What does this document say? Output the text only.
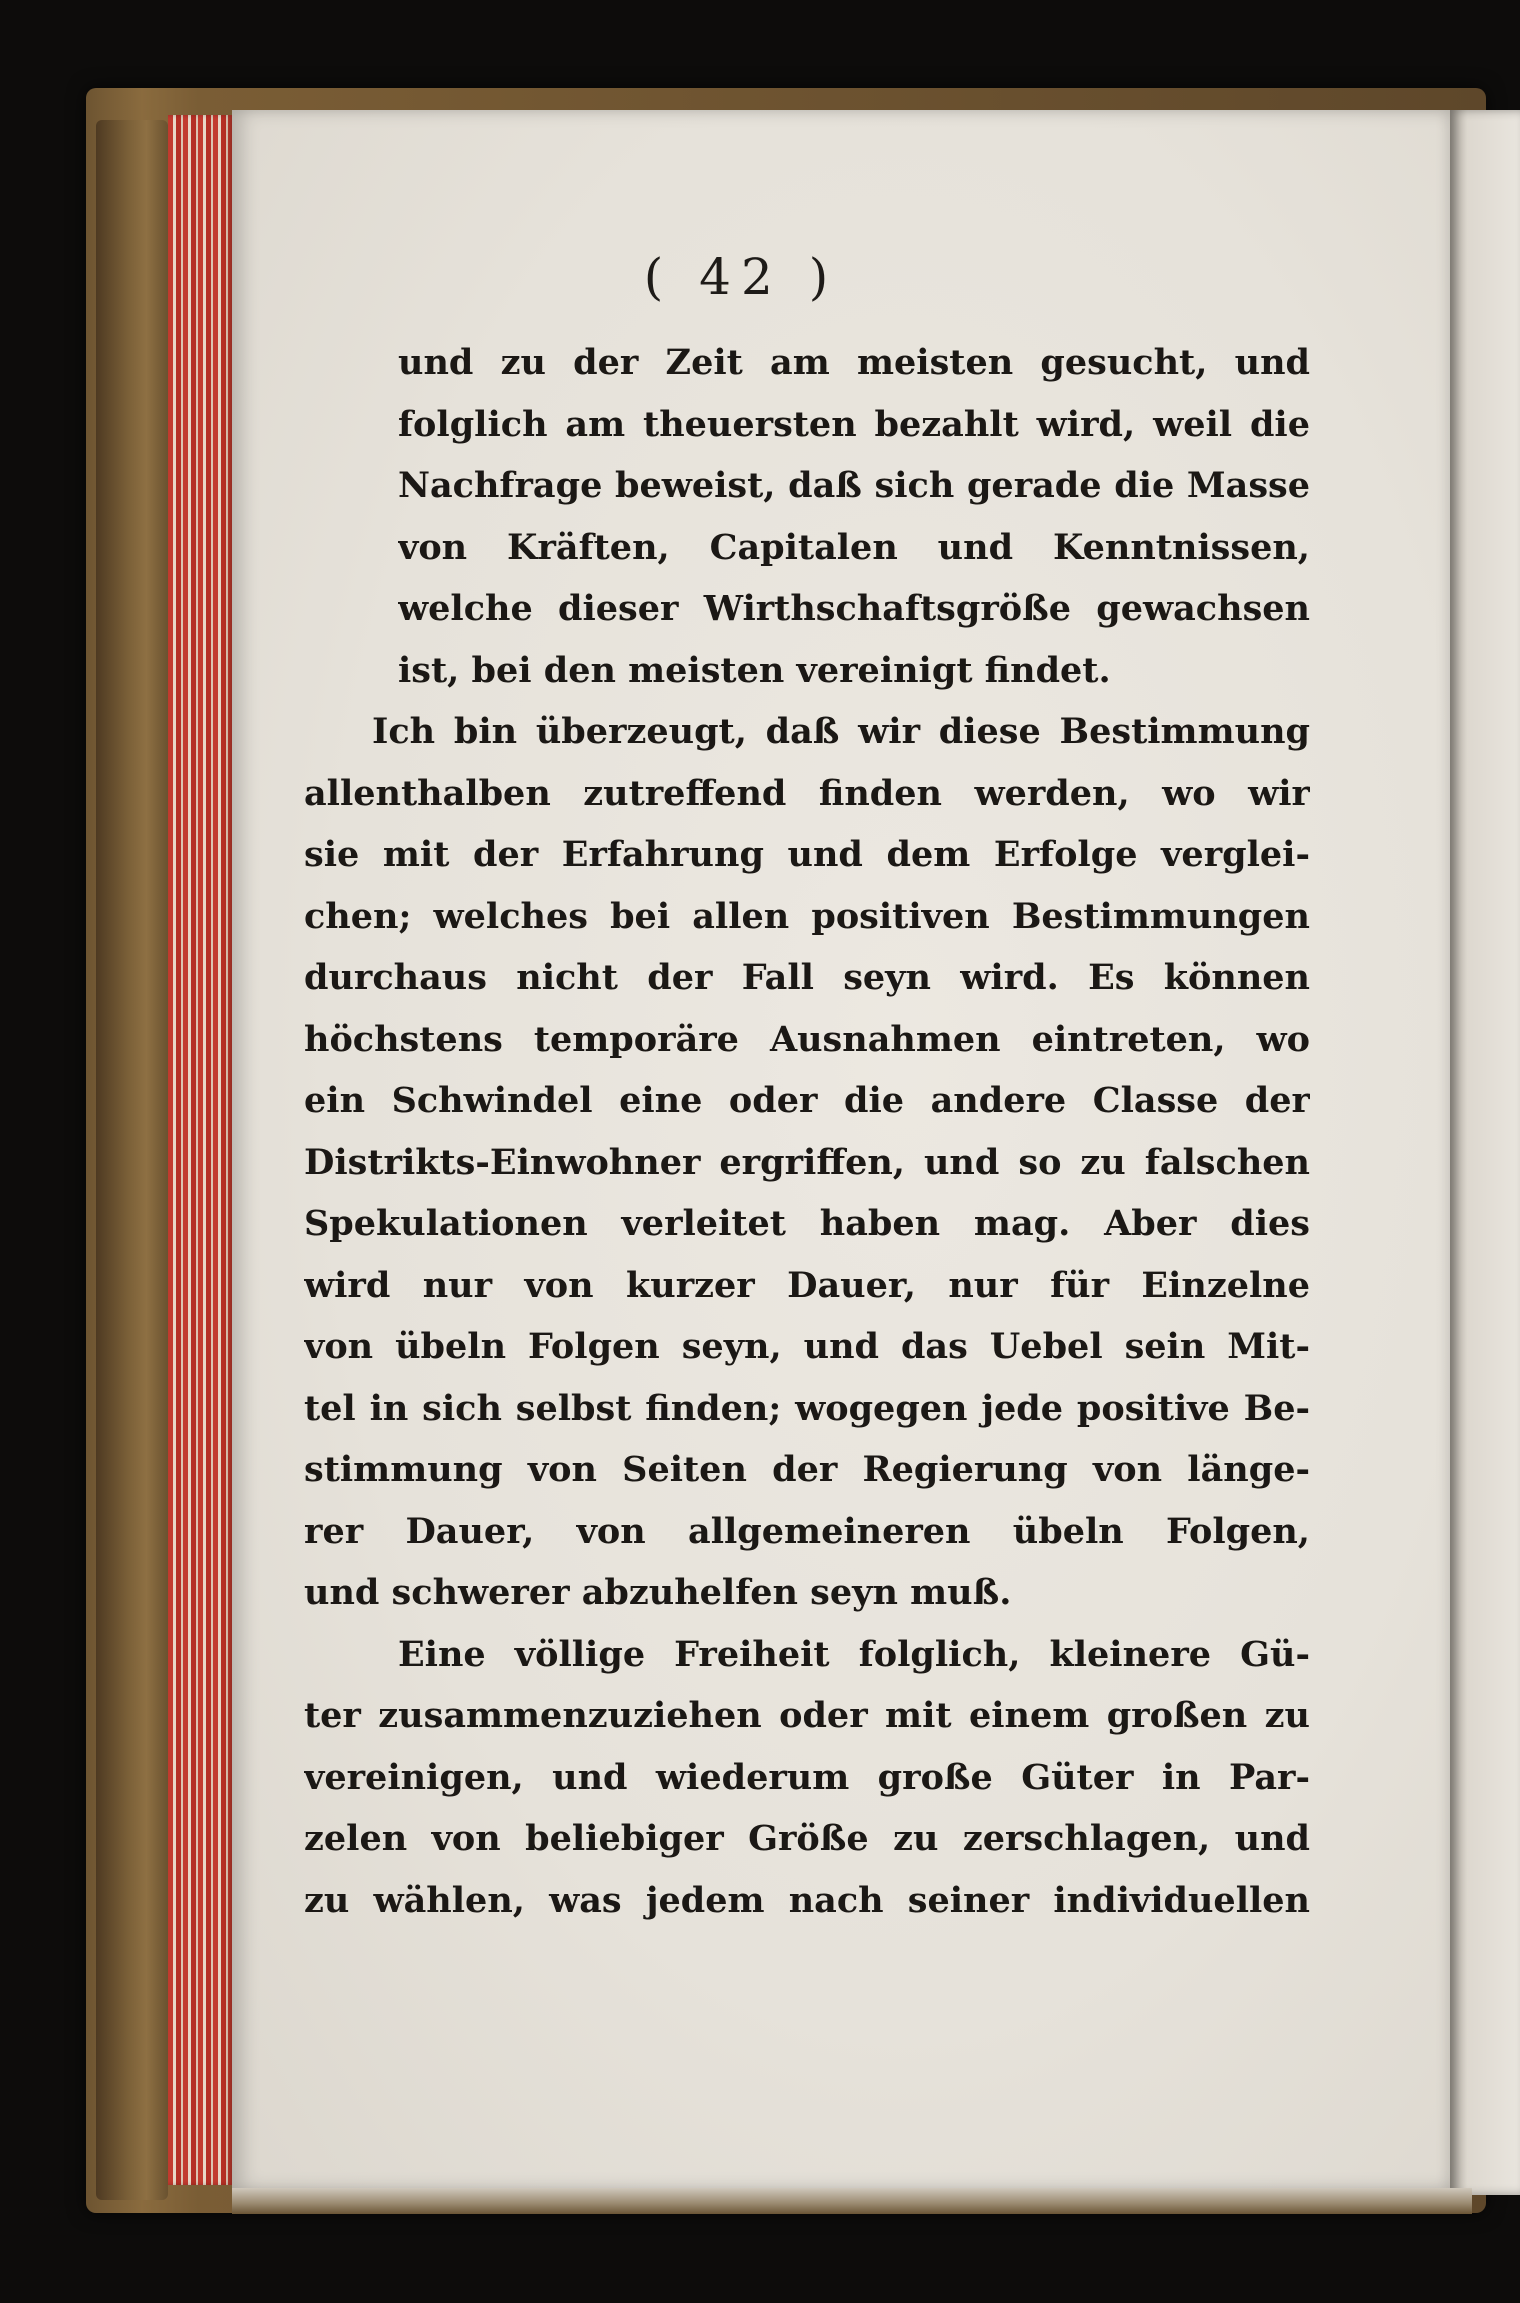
( 42 )
und zu der Zeit am meisten gesucht, und
folglich am theuersten bezahlt wird, weil die
Nachfrage beweist, daß sich gerade die Masse
von Kräften, Capitalen und Kenntnissen,
welche dieser Wirthschaftsgröße gewachsen
ist, bei den meisten vereinigt findet.
Ich bin überzeugt, daß wir diese Bestimmung
allenthalben zutreffend finden werden, wo wir
sie mit der Erfahrung und dem Erfolge verglei-
chen; welches bei allen positiven Bestimmungen
durchaus nicht der Fall seyn wird. Es können
höchstens temporäre Ausnahmen eintreten, wo
ein Schwindel eine oder die andere Classe der
Distrikts-Einwohner ergriffen, und so zu falschen
Spekulationen verleitet haben mag. Aber dies
wird nur von kurzer Dauer, nur für Einzelne
von übeln Folgen seyn, und das Uebel sein Mit-
tel in sich selbst finden; wogegen jede positive Be-
stimmung von Seiten der Regierung von länge-
rer Dauer, von allgemeineren übeln Folgen,
und schwerer abzuhelfen seyn muß.
Eine völlige Freiheit folglich, kleinere Gü-
ter zusammenzuziehen oder mit einem großen zu
vereinigen, und wiederum große Güter in Par-
zelen von beliebiger Größe zu zerschlagen, und
zu wählen, was jedem nach seiner individuellen
